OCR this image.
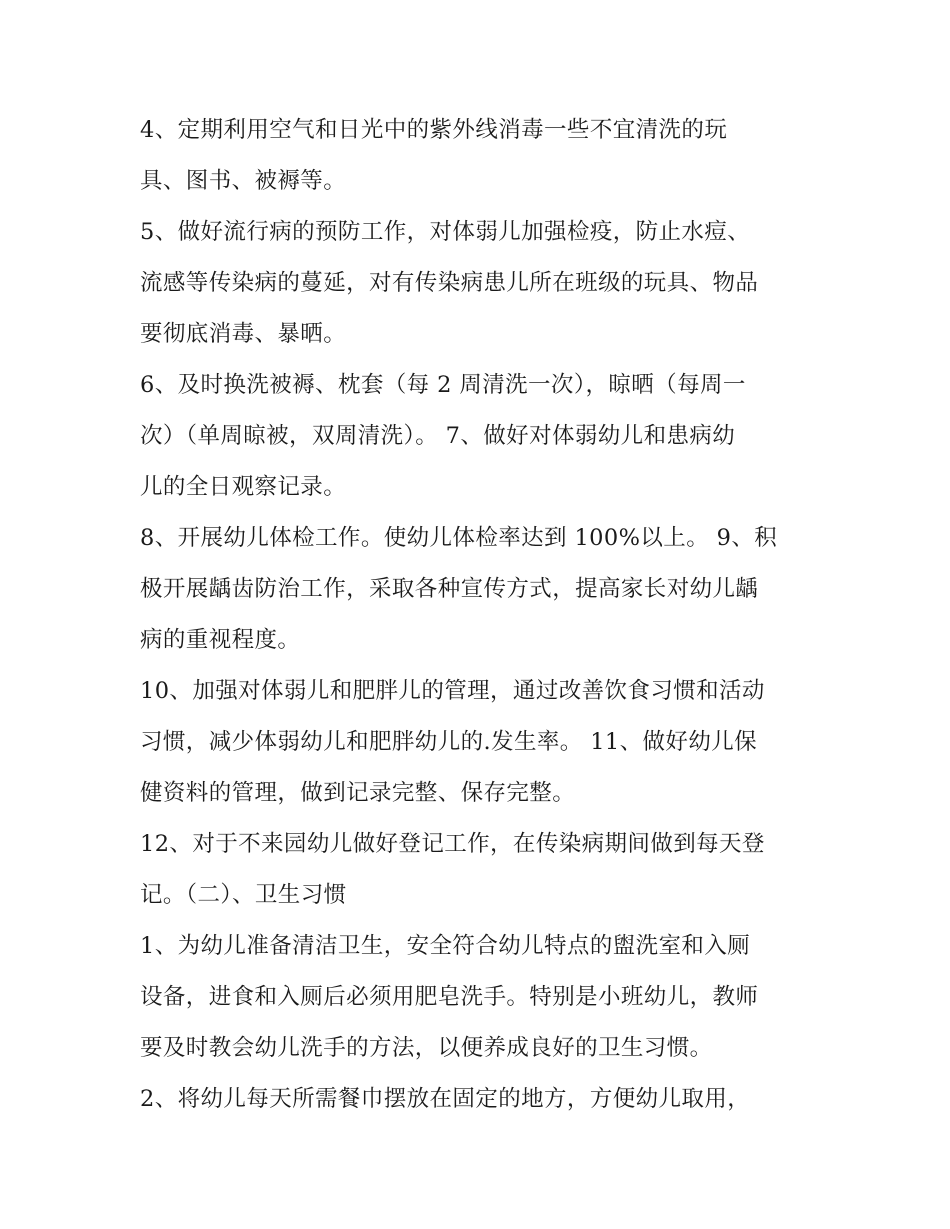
4、定期利用空气和日光中的紫外线消毒一些不宜清洗的玩
具、图书、被褥等。
5、做好流行病的预防工作，对体弱儿加强检疫，防止水痘、
流感等传染病的蔓延，对有传染病患儿所在班级的玩具、物品
要彻底消毒、暴晒。
6、及时换洗被褥、枕套（每 2 周清洗一次），晾晒（每周一
次）（单周晾被，双周清洗）。 7、做好对体弱幼儿和患病幼
儿的全日观察记录。
8、开展幼儿体检工作。使幼儿体检率达到 100%以上。 9、积
极开展龋齿防治工作，采取各种宣传方式，提高家长对幼儿龋
病的重视程度。
10、加强对体弱儿和肥胖儿的管理，通过改善饮食习惯和活动
习惯，减少体弱幼儿和肥胖幼儿的.发生率。 11、做好幼儿保
健资料的管理，做到记录完整、保存完整。
12、对于不来园幼儿做好登记工作，在传染病期间做到每天登
记。（二）、卫生习惯
1、为幼儿准备清洁卫生，安全符合幼儿特点的盥洗室和入厕
设备，进食和入厕后必须用肥皂洗手。特别是小班幼儿，教师
要及时教会幼儿洗手的方法，以便养成良好的卫生习惯。
2、将幼儿每天所需餐巾摆放在固定的地方，方便幼儿取用，
